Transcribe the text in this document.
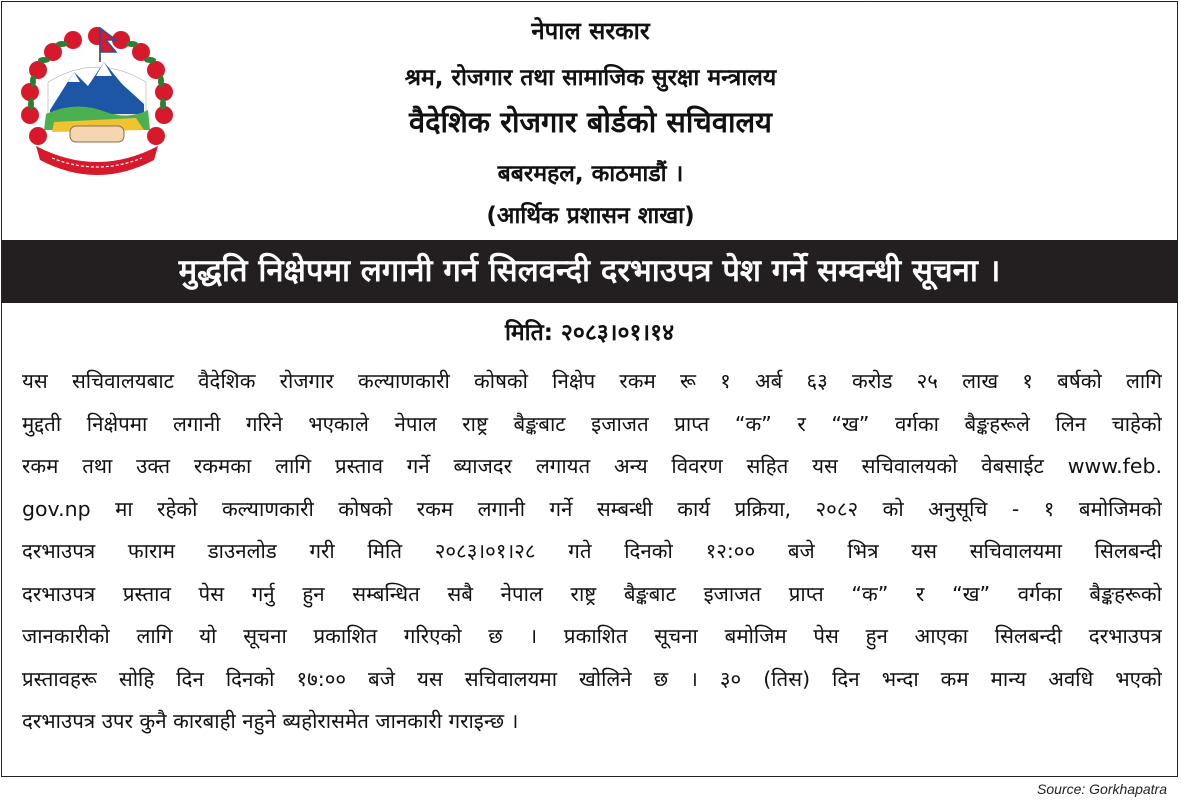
नेपाल सरकार
श्रम, रोजगार तथा सामाजिक सुरक्षा मन्त्रालय
वैदेशिक रोजगार बोर्डको सचिवालय
बबरमहल, काठमाडौं ।
(आर्थिक प्रशासन शाखा)
मुद्धति निक्षेपमा लगानी गर्न सिलवन्दी दरभाउपत्र पेश गर्ने सम्वन्धी सूचना ।
मिति: २०८३।०१।१४
यस सचिवालयबाट वैदेशिक रोजगार कल्याणकारी कोषको निक्षेप रकम रू १ अर्ब ६३ करोड २५ लाख १ बर्षको लागि
मुद्दती निक्षेपमा लगानी गरिने भएकाले नेपाल राष्ट्र बैङ्कबाट इजाजत प्राप्त “क” र “ख” वर्गका बैङ्कहरूले लिन चाहेको
रकम तथा उक्त रकमका लागि प्रस्ताव गर्ने ब्याजदर लगायत अन्य विवरण सहित यस सचिवालयको वेबसाईट www.feb.
gov.np मा रहेको कल्याणकारी कोषको रकम लगानी गर्ने सम्बन्धी कार्य प्रक्रिया, २०८२ को अनुसूचि - १ बमोजिमको
दरभाउपत्र फाराम डाउनलोड गरी मिति २०८३।०१।२८ गते दिनको १२:०० बजे भित्र यस सचिवालयमा सिलबन्दी
दरभाउपत्र प्रस्ताव पेस गर्नु हुन सम्बन्धित सबै नेपाल राष्ट्र बैङ्कबाट इजाजत प्राप्त “क” र “ख” वर्गका बैङ्कहरूको
जानकारीको लागि यो सूचना प्रकाशित गरिएको छ । प्रकाशित सूचना बमोजिम पेस हुन आएका सिलबन्दी दरभाउपत्र
प्रस्तावहरू सोहि दिन दिनको १७:०० बजे यस सचिवालयमा खोलिने छ । ३० (तिस) दिन भन्दा कम मान्य अवधि भएको
दरभाउपत्र उपर कुनै कारबाही नहुने ब्यहोरासमेत जानकारी गराइन्छ ।
Source: Gorkhapatra
